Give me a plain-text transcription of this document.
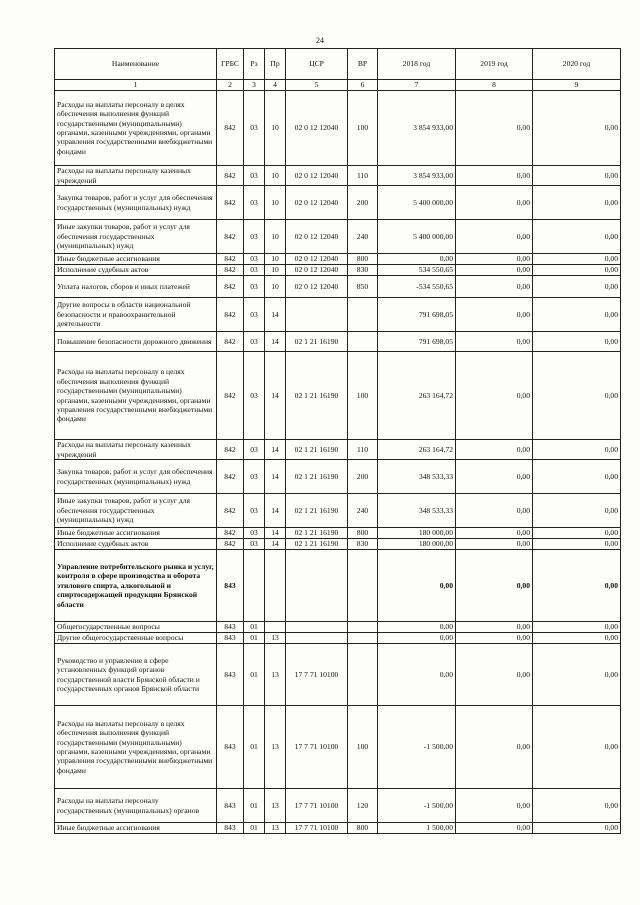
24
Наименование	ГРБС	Рз	Пр	ЦСР	ВР	2018 год	2019 год	2020 год
1	2	3	4	5	6	7	8	9
Расходы на выплаты персоналу в целях обеспечения выполнения функций государственными (муниципальными) органами, казенными учреждениями, органами управления государственными внебюджетными фондами	842	03	10	02 0 12 12040	100	3 854 933,00	0,00	0,00
Расходы на выплаты персоналу казенных учреждений	842	03	10	02 0 12 12040	110	3 854 933,00	0,00	0,00
Закупка товаров, работ и услуг для обеспечения государственных (муниципальных) нужд	842	03	10	02 0 12 12040	200	5 400 000,00	0,00	0,00
Иные закупки товаров, работ и услуг для обеспечения государственных (муниципальных) нужд	842	03	10	02 0 12 12040	240	5 400 000,00	0,00	0,00
Иные бюджетные ассигнования	842	03	10	02 0 12 12040	800	0,00	0,00	0,00
Исполнение судебных актов	842	03	10	02 0 12 12040	830	534 550,65	0,00	0,00
Уплата налогов, сборов и иных платежей	842	03	10	02 0 12 12040	850	-534 550,65	0,00	0,00
Другие вопросы в области национальной безопасности и правоохранительной деятельности	842	03	14			791 698,05	0,00	0,00
Повышение безопасности дорожного движения	842	03	14	02 1 21 16190		791 698,05	0,00	0,00
Расходы на выплаты персоналу в целях обеспечения выполнения функций государственными (муниципальными) органами, казенными учреждениями, органами управления государственными внебюджетными фондами	842	03	14	02 1 21 16190	100	263 164,72	0,00	0,00
Расходы на выплаты персоналу казенных учреждений	842	03	14	02 1 21 16190	110	263 164,72	0,00	0,00
Закупка товаров, работ и услуг для обеспечения государственных (муниципальных) нужд	842	03	14	02 1 21 16190	200	348 533,33	0,00	0,00
Иные закупки товаров, работ и услуг для обеспечения государственных (муниципальных) нужд	842	03	14	02 1 21 16190	240	348 533,33	0,00	0,00
Иные бюджетные ассигнования	842	03	14	02 1 21 16190	800	180 000,00	0,00	0,00
Исполнение судебных актов	842	03	14	02 1 21 16190	830	180 000,00	0,00	0,00
Управление потребительского рынка и услуг, контроля в сфере производства и оборота этилового спирта, алкогольной и спиртосодержащей продукции Брянской области	843					0,00	0,00	0,00
Общегосударственные вопросы	843	01				0,00	0,00	0,00
Другие общегосударственные вопросы	843	01	13			0,00	0,00	0,00
Руководство и управление в сфере установленных функций органов государственной власти Брянской области и государственных органов Брянской области	843	01	13	17 7 71 10100		0,00	0,00	0,00
Расходы на выплаты персоналу в целях обеспечения выполнения функций государственными (муниципальными) органами, казенными учреждениями, органами управления государственными внебюджетными фондами	843	01	13	17 7 71 10100	100	-1 500,00	0,00	0,00
Расходы на выплаты персоналу государственных (муниципальных) органов	843	01	13	17 7 71 10100	120	-1 500,00	0,00	0,00
Иные бюджетные ассигнования	843	01	13	17 7 71 10100	800	1 500,00	0,00	0,00
